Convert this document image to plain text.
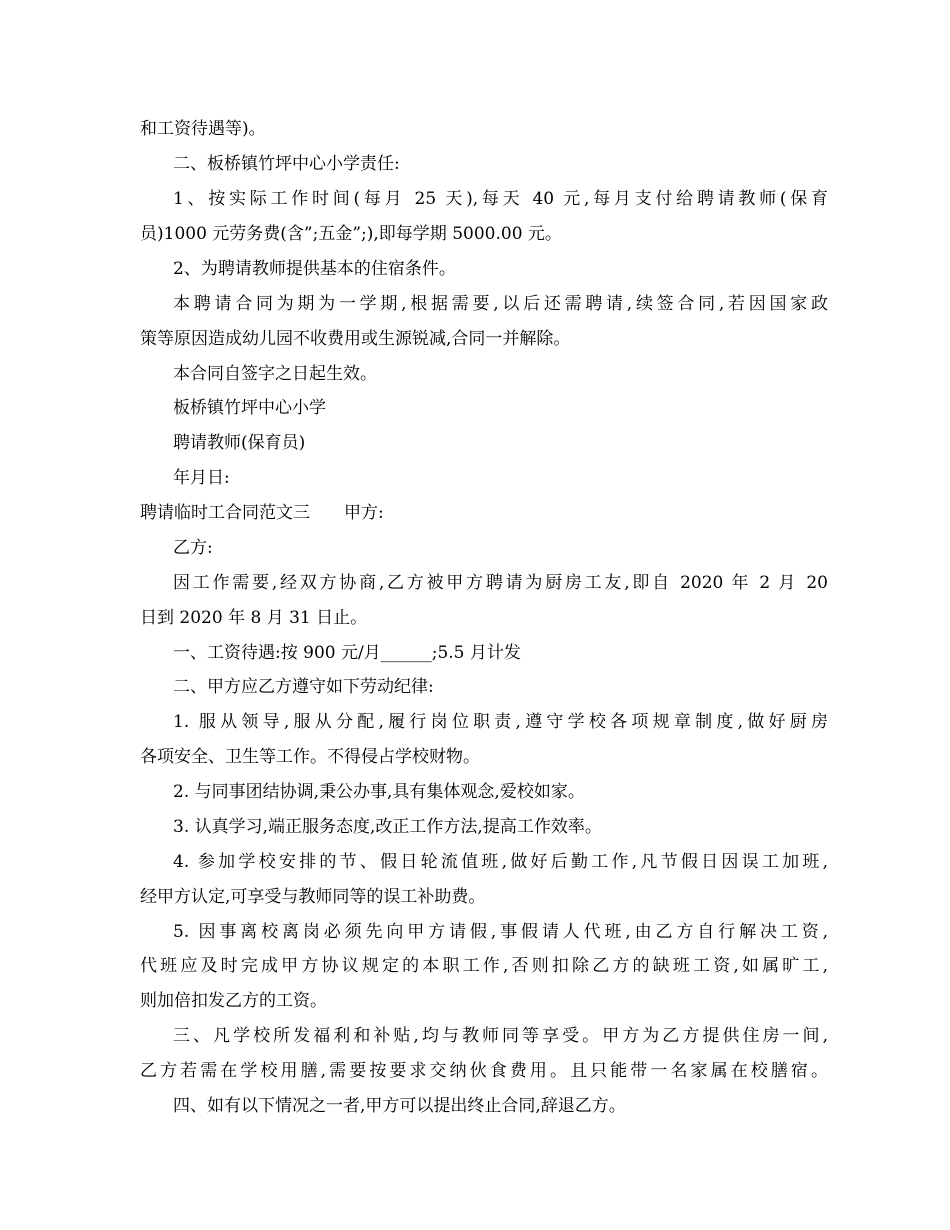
和工资待遇等)。
二、板桥镇竹坪中心小学责任:
1、按实际工作时间(每月 25 天),每天 40 元,每月支付给聘请教师(保育
员)1000 元劳务费(含”;五金”;),即每学期 5000.00 元。
2、为聘请教师提供基本的住宿条件。
本聘请合同为期为一学期,根据需要,以后还需聘请,续签合同,若因国家政
策等原因造成幼儿园不收费用或生源锐减,合同一并解除。
本合同自签字之日起生效。
板桥镇竹坪中心小学
聘请教师(保育员)
年月日:
聘请临时工合同范文三　　甲方:
乙方:
因工作需要,经双方协商,乙方被甲方聘请为厨房工友,即自 2020 年 2 月 20
日到 2020 年 8 月 31 日止。
一、工资待遇:按 900 元/月______;5.5 月计发
二、甲方应乙方遵守如下劳动纪律:
1. 服从领导,服从分配,履行岗位职责,遵守学校各项规章制度,做好厨房
各项安全、卫生等工作。不得侵占学校财物。
2. 与同事团结协调,秉公办事,具有集体观念,爱校如家。
3. 认真学习,端正服务态度,改正工作方法,提高工作效率。
4. 参加学校安排的节、假日轮流值班,做好后勤工作,凡节假日因误工加班,
经甲方认定,可享受与教师同等的误工补助费。
5. 因事离校离岗必须先向甲方请假,事假请人代班,由乙方自行解决工资,
代班应及时完成甲方协议规定的本职工作,否则扣除乙方的缺班工资,如属旷工,
则加倍扣发乙方的工资。
三、凡学校所发福利和补贴,均与教师同等享受。甲方为乙方提供住房一间,
乙方若需在学校用膳,需要按要求交纳伙食费用。且只能带一名家属在校膳宿。
四、如有以下情况之一者,甲方可以提出终止合同,辞退乙方。
